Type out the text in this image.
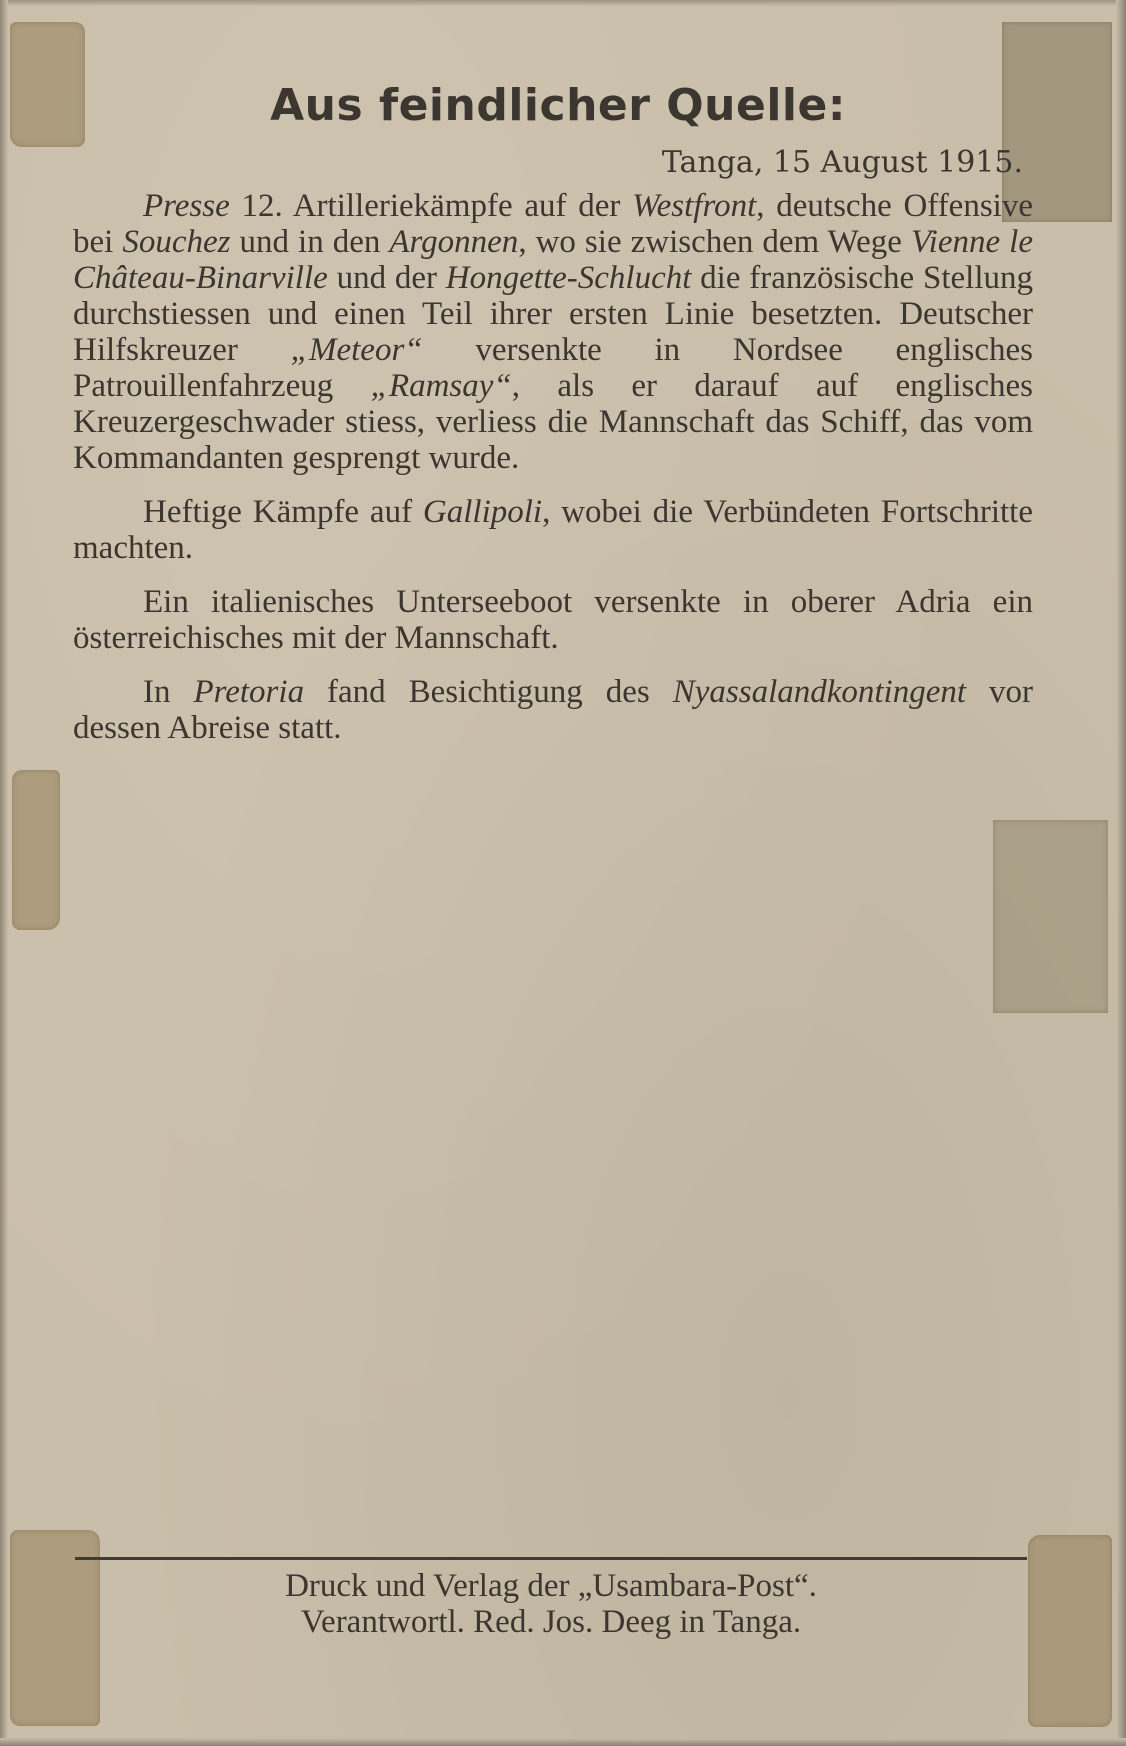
Aus feindlicher Quelle:
Tanga, 15 August 1915.

Presse 12. Artilleriekämpfe auf der Westfront, deutsche Offensive bei Souchez und in den Argonnen, wo sie zwischen dem Wege Vienne le Château-Binarville und der Hongette-Schlucht die französische Stellung durchstiessen und einen Teil ihrer ersten Linie besetzten. Deutscher Hilfskreuzer „Meteor“ versenkte in Nordsee englisches Patrouillenfahrzeug „Ramsay“, als er darauf auf englisches Kreuzergeschwader stiess, verliess die Mannschaft das Schiff, das vom Kommandanten gesprengt wurde.

Heftige Kämpfe auf Gallipoli, wobei die Verbündeten Fortschritte machten.

Ein italienisches Unterseeboot versenkte in oberer Adria ein österreichisches mit der Mannschaft.

In Pretoria fand Besichtigung des Nyassalandkontingent vor dessen Abreise statt.

Druck und Verlag der „Usambara-Post“.
Verantwortl. Red. Jos. Deeg in Tanga.
